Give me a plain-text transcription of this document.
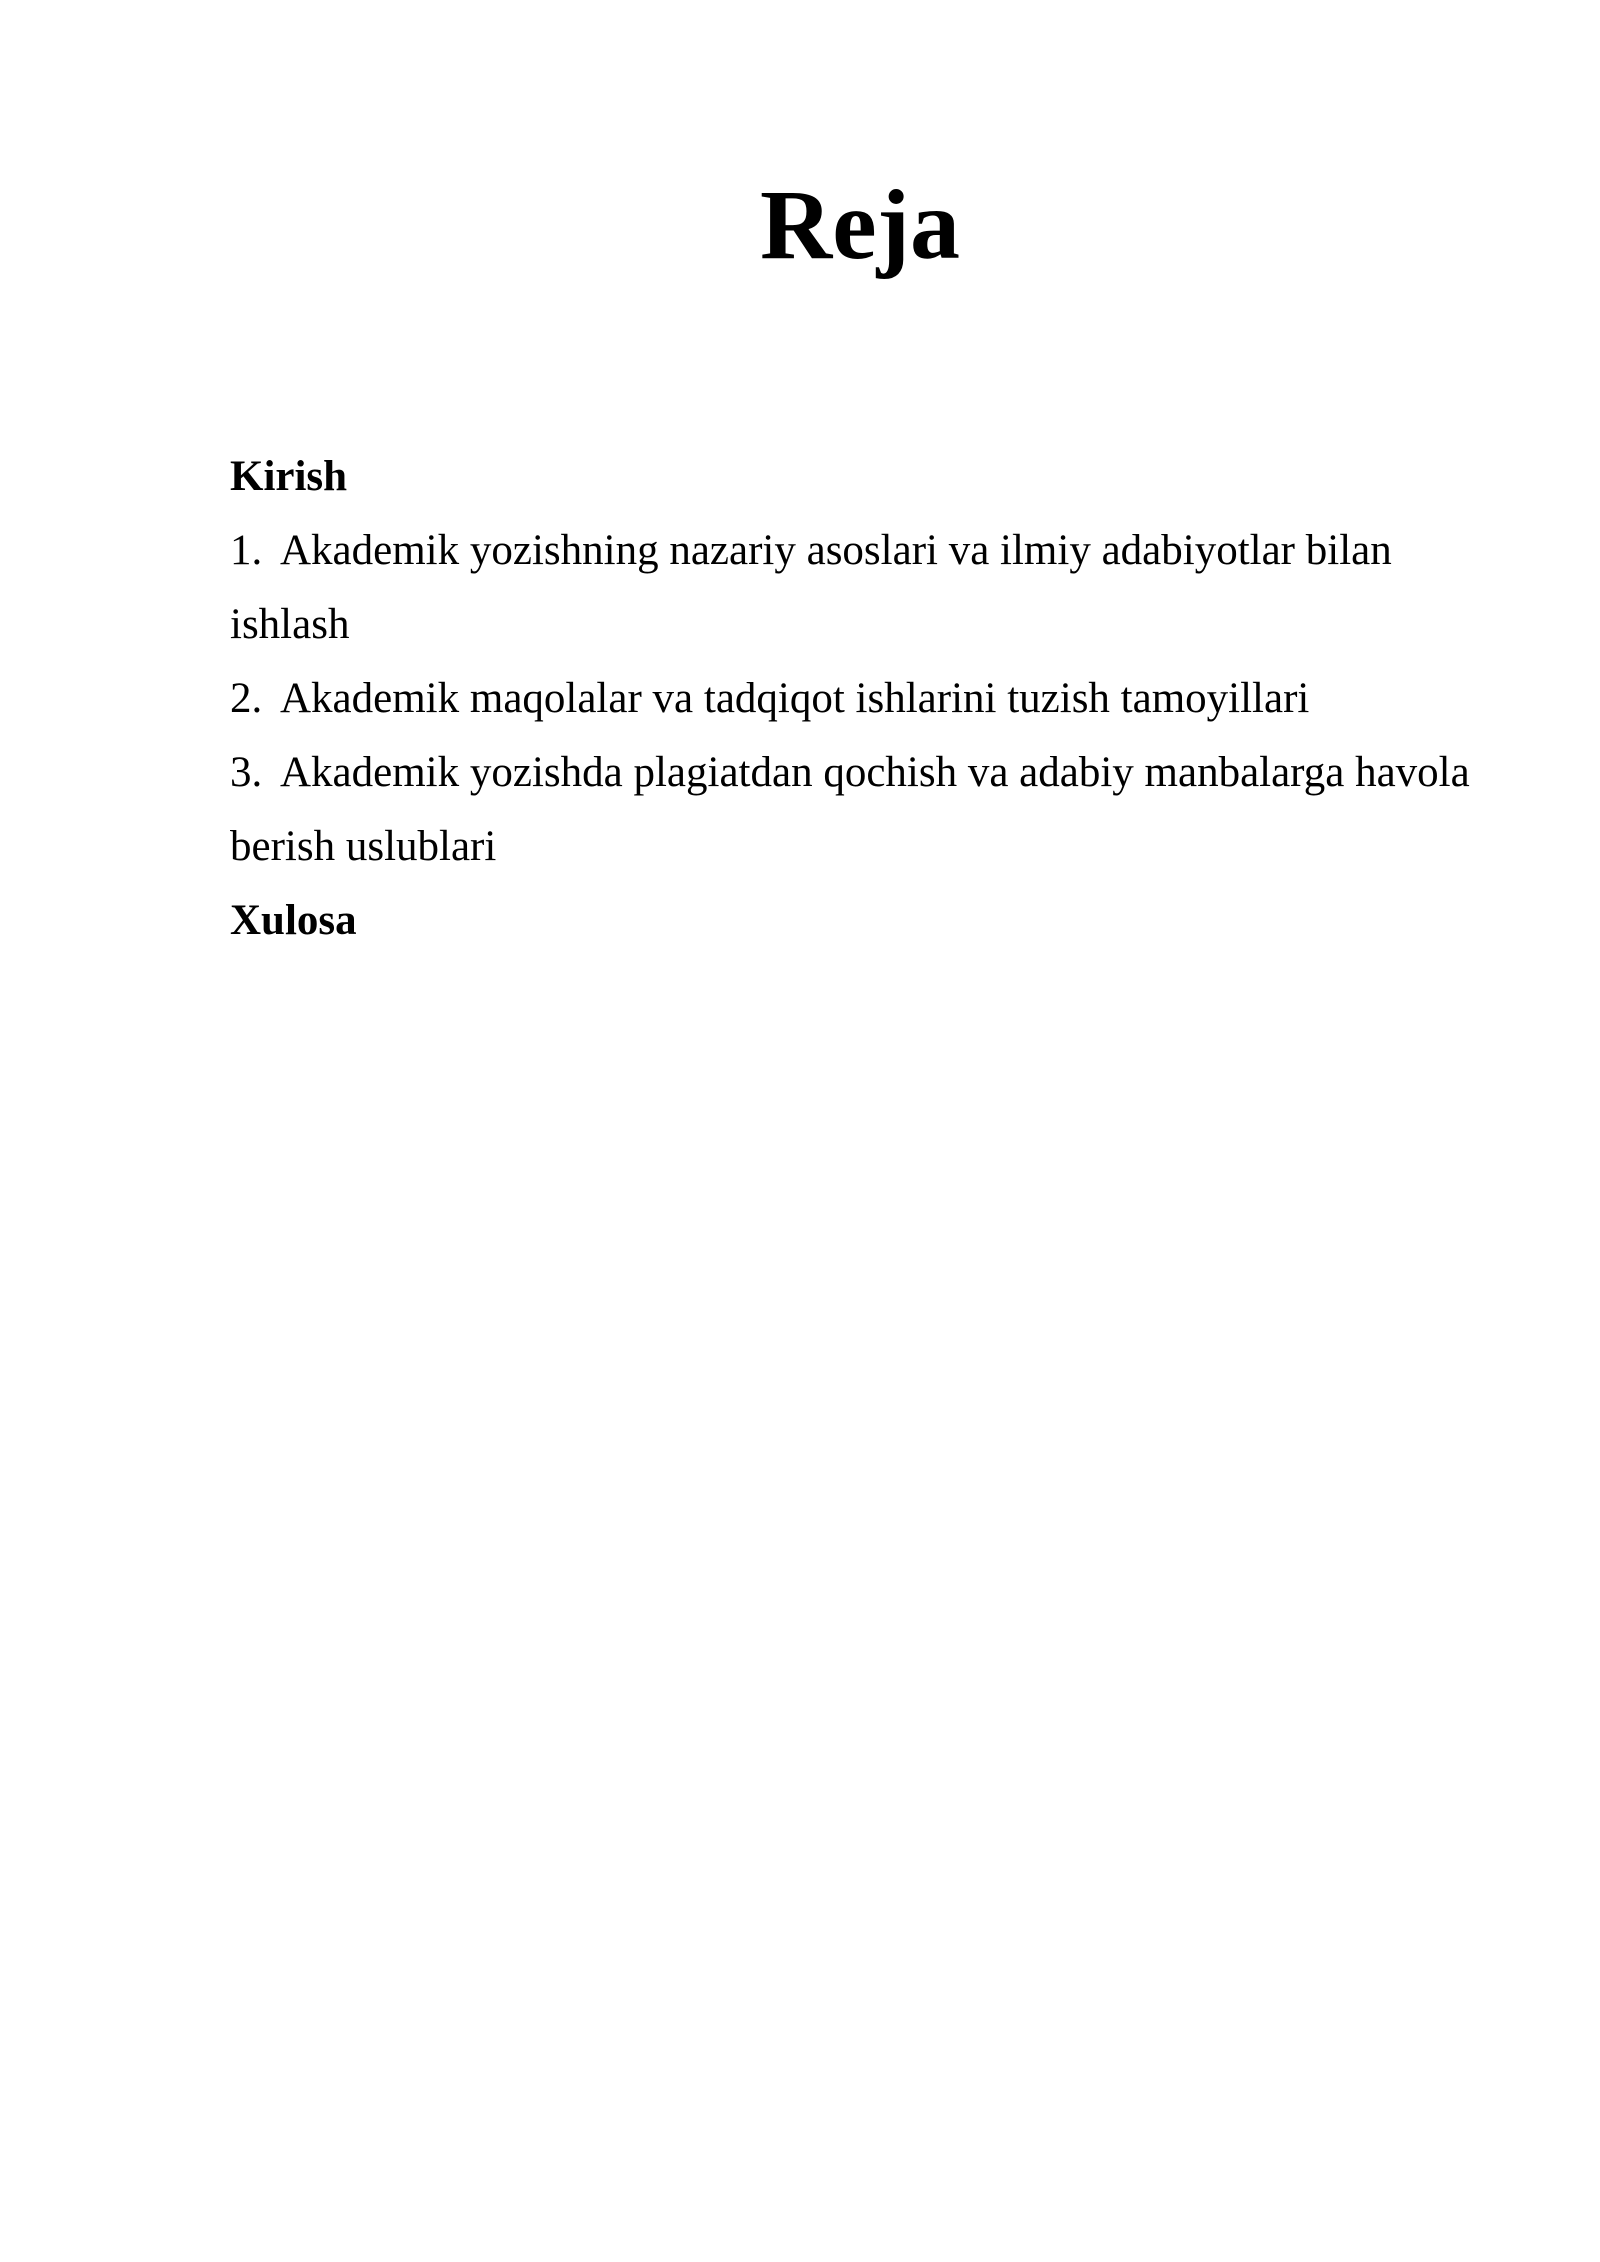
Reja

Kirish

1. Akademik yozishning nazariy asoslari va ilmiy adabiyotlar bilan ishlash

2. Akademik maqolalar va tadqiqot ishlarini tuzish tamoyillari

3. Akademik yozishda plagiatdan qochish va adabiy manbalarga havola berish uslublari

Xulosa
